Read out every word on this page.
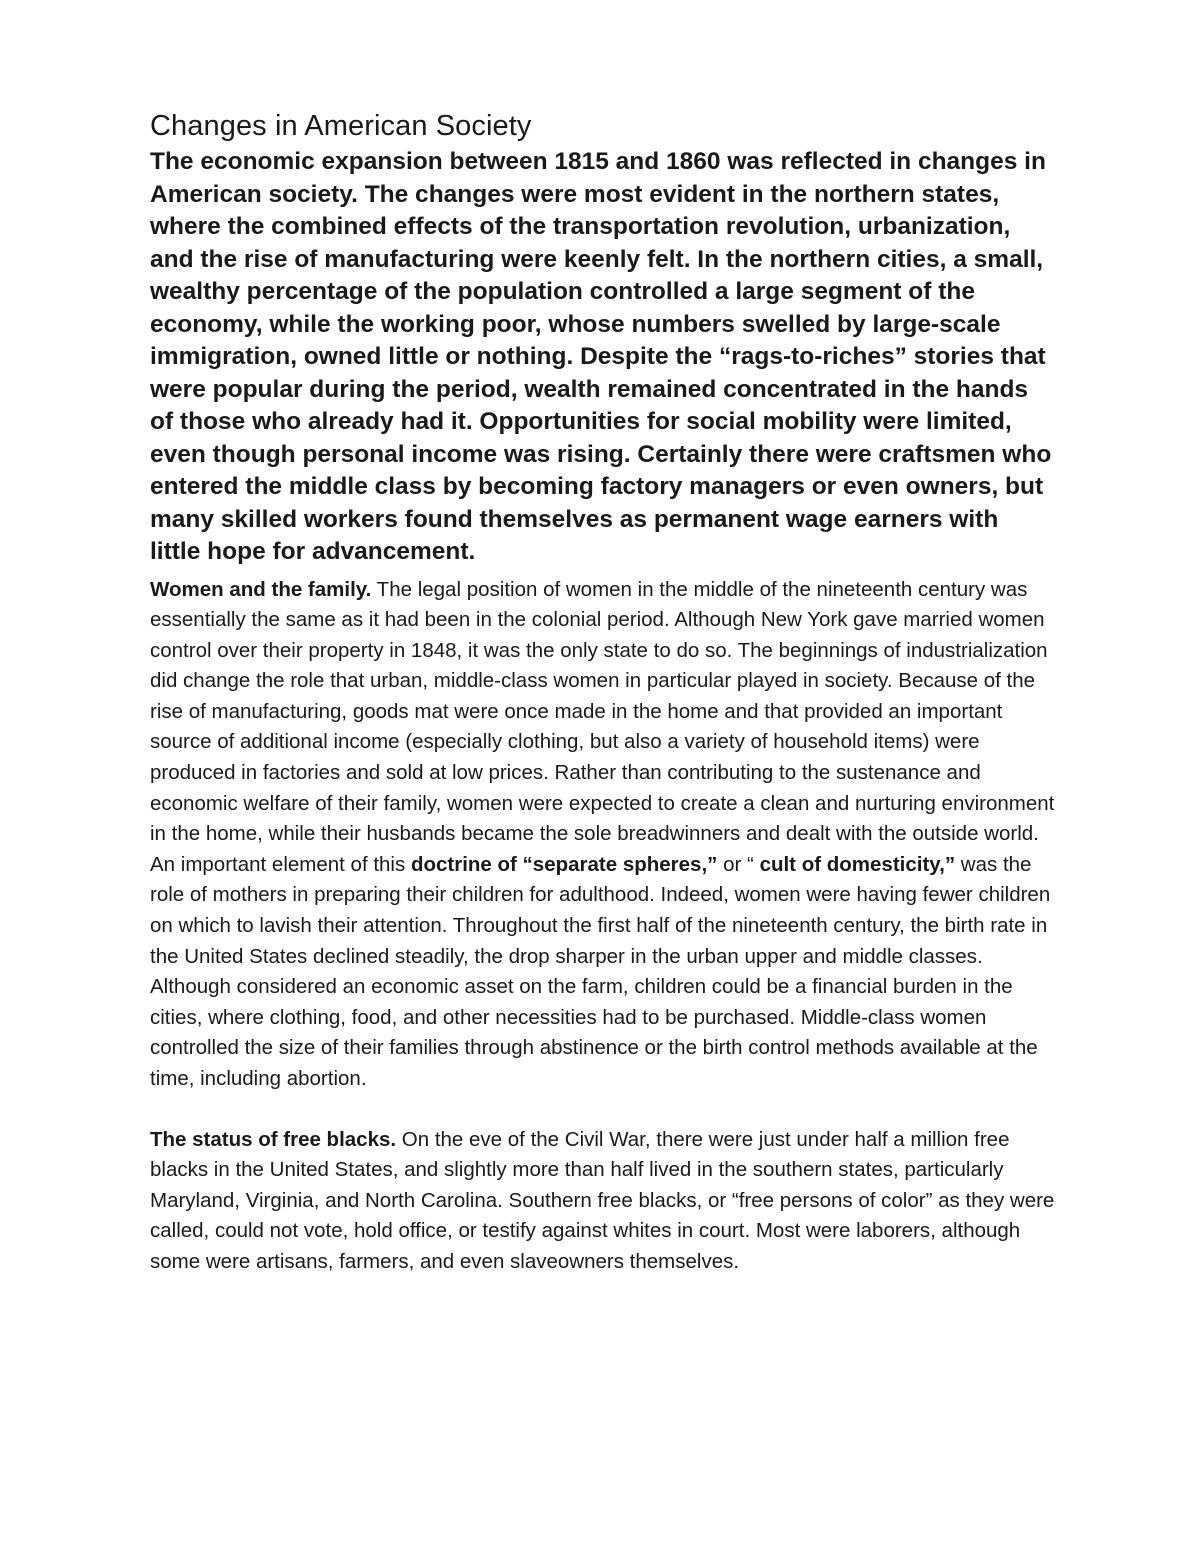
Changes in American Society

The economic expansion between 1815 and 1860 was reflected in changes in American society. The changes were most evident in the northern states, where the combined effects of the transportation revolution, urbanization, and the rise of manufacturing were keenly felt. In the northern cities, a small, wealthy percentage of the population controlled a large segment of the economy, while the working poor, whose numbers swelled by large-scale immigration, owned little or nothing. Despite the “rags-to-riches” stories that were popular during the period, wealth remained concentrated in the hands of those who already had it. Opportunities for social mobility were limited, even though personal income was rising. Certainly there were craftsmen who entered the middle class by becoming factory managers or even owners, but many skilled workers found themselves as permanent wage earners with little hope for advancement.

Women and the family. The legal position of women in the middle of the nineteenth century was essentially the same as it had been in the colonial period. Although New York gave married women control over their property in 1848, it was the only state to do so. The beginnings of industrialization did change the role that urban, middle-class women in particular played in society. Because of the rise of manufacturing, goods mat were once made in the home and that provided an important source of additional income (especially clothing, but also a variety of household items) were produced in factories and sold at low prices. Rather than contributing to the sustenance and economic welfare of their family, women were expected to create a clean and nurturing environment in the home, while their husbands became the sole breadwinners and dealt with the outside world. An important element of this doctrine of “separate spheres,” or “ cult of domesticity,” was the role of mothers in preparing their children for adulthood. Indeed, women were having fewer children on which to lavish their attention. Throughout the first half of the nineteenth century, the birth rate in the United States declined steadily, the drop sharper in the urban upper and middle classes. Although considered an economic asset on the farm, children could be a financial burden in the cities, where clothing, food, and other necessities had to be purchased. Middle-class women controlled the size of their families through abstinence or the birth control methods available at the time, including abortion.

The status of free blacks. On the eve of the Civil War, there were just under half a million free blacks in the United States, and slightly more than half lived in the southern states, particularly Maryland, Virginia, and North Carolina. Southern free blacks, or “free persons of color” as they were called, could not vote, hold office, or testify against whites in court. Most were laborers, although some were artisans, farmers, and even slaveowners themselves.
